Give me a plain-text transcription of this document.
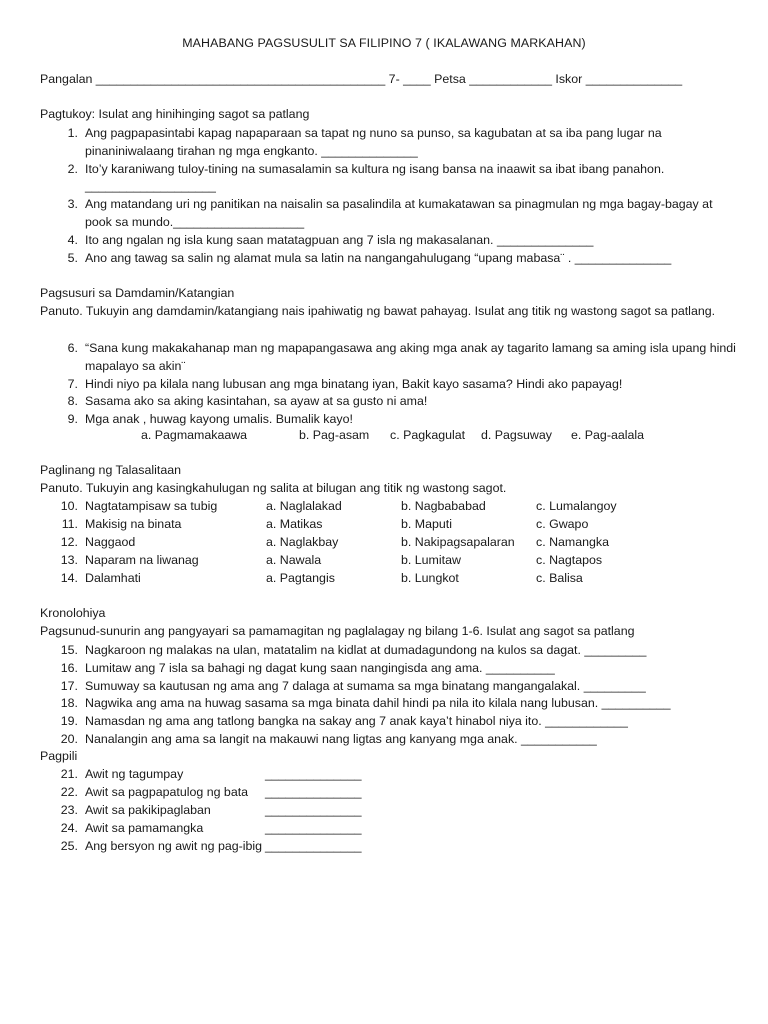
MAHABANG PAGSUSULIT SA FILIPINO 7 ( IKALAWANG MARKAHAN)
Pangalan __________________________________________ 7- ____ Petsa ____________ Iskor ______________
Pagtukoy: Isulat ang hinihinging sagot sa patlang
1. Ang pagpapasintabi kapag napaparaan sa tapat ng nuno sa punso, sa kagubatan at sa iba pang lugar na pinaniniwalaang tirahan ng mga engkanto. ______________
2. Ito’y karaniwang tuloy-tining na sumasalamin sa kultura ng isang bansa na inaawit sa ibat ibang panahon. ___________________
3. Ang matandang uri ng panitikan na naisalin sa pasalindila at kumakatawan sa pinagmulan ng mga bagay-bagay at pook sa mundo.___________________
4. Ito ang ngalan ng isla kung saan matatagpuan ang 7 isla ng makasalanan. ______________
5. Ano ang tawag sa salin ng alamat mula sa latin na nangangahulugang “upang mabasa¨ . ______________
Pagsusuri sa Damdamin/Katangian
Panuto. Tukuyin ang damdamin/katangiang nais ipahiwatig ng bawat pahayag. Isulat ang titik ng wastong sagot sa patlang.
6. “Sana kung makakahanap man ng mapapangasawa ang aking mga anak ay tagarito lamang sa aming isla upang hindi mapalayo sa akin¨
7. Hindi niyo pa kilala nang lubusan ang mga binatang iyan, Bakit kayo sasama? Hindi ako papayag!
8. Sasama ako sa aking kasintahan, sa ayaw at sa gusto ni ama!
9. Mga anak , huwag kayong umalis. Bumalik kayo!
a. Pagmamakaawa	b. Pag-asam c. Pagkagulat d. Pagsuway e. Pag-aalala
Paglinang ng Talasalitaan
Panuto. Tukuyin ang kasingkahulugan ng salita at bilugan ang titik ng wastong sagot.
10. Nagtatampisaw sa tubig	a. Naglalakad	b. Nagbababad	c. Lumalangoy
11. Makisig na binata	a. Matikas	b. Maputi	c. Gwapo
12. Naggaod	a. Naglakbay	b. Nakipagsapalaran c. Namangka
13. Naparam na liwanag	a. Nawala	b. Lumitaw	c. Nagtapos
14. Dalamhati	a. Pagtangis	b. Lungkot	c. Balisa
Kronolohiya
Pagsunud-sunurin ang pangyayari sa pamamagitan ng paglalagay ng bilang 1-6. Isulat ang sagot sa patlang
15. Nagkaroon ng malakas na ulan, matatalim na kidlat at dumadagundong na kulos sa dagat. _________
16. Lumitaw ang 7 isla sa bahagi ng dagat kung saan nangingisda ang ama. __________
17. Sumuway sa kautusan ng ama ang 7 dalaga at sumama sa mga binatang mangangalakal. _________
18. Nagwika ang ama na huwag sasama sa mga binata dahil hindi pa nila ito kilala nang lubusan. __________
19. Namasdan ng ama ang tatlong bangka na sakay ang 7 anak kaya’t hinabol niya ito. ____________
20. Nanalangin ang ama sa langit na makauwi nang ligtas ang kanyang mga anak. ___________
Pagpili
21. Awit ng tagumpay	______________
22. Awit sa pagpapatulog ng bata ______________
23. Awit sa pakikipaglaban	______________
24. Awit sa pamamangka	______________
25. Ang bersyon ng awit ng pag-ibig ______________
